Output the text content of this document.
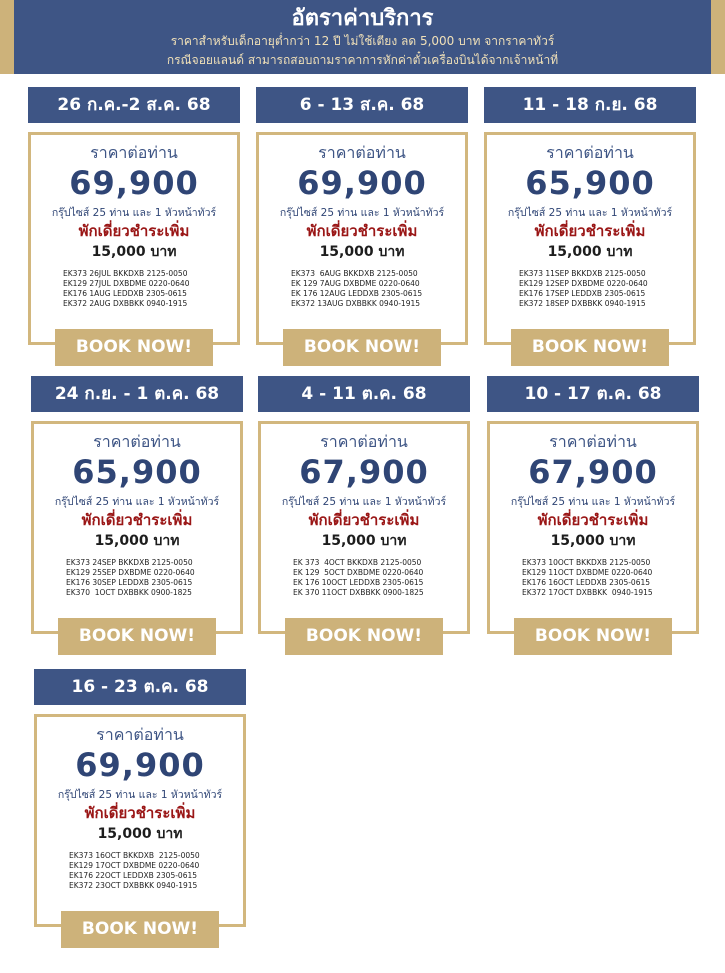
อัตราค่าบริการ
ราคาสำหรับเด็กอายุต่ำกว่า 12 ปี ไม่ใช้เตียง ลด 5,000 บาท จากราคาทัวร์
กรณีจอยแลนด์ สามารถสอบถามราคาการหักค่าตั๋วเครื่องบินได้จากเจ้าหน้าที่
26 ก.ค.-2 ส.ค. 68
ราคาต่อท่าน
69,900
กรุ๊ปไซส์ 25 ท่าน และ 1 หัวหน้าทัวร์
พักเดี่ยวชำระเพิ่ม
15,000 บาท
EK373 26JUL BKKDXB 2125-0050
EK129 27JUL DXBDME 0220-0640
EK176 1AUG LEDDXB 2305-0615
EK372 2AUG DXBBKK 0940-1915
BOOK NOW!
6 - 13 ส.ค. 68
ราคาต่อท่าน
69,900
กรุ๊ปไซส์ 25 ท่าน และ 1 หัวหน้าทัวร์
พักเดี่ยวชำระเพิ่ม
15,000 บาท
EK373  6AUG BKKDXB 2125-0050
EK 129 7AUG DXBDME 0220-0640
EK 176 12AUG LEDDXB 2305-0615
EK372 13AUG DXBBKK 0940-1915
BOOK NOW!
11 - 18 ก.ย. 68
ราคาต่อท่าน
65,900
กรุ๊ปไซส์ 25 ท่าน และ 1 หัวหน้าทัวร์
พักเดี่ยวชำระเพิ่ม
15,000 บาท
EK373 11SEP BKKDXB 2125-0050
EK129 12SEP DXBDME 0220-0640
EK176 17SEP LEDDXB 2305-0615
EK372 18SEP DXBBKK 0940-1915
BOOK NOW!
24 ก.ย. - 1 ต.ค. 68
ราคาต่อท่าน
65,900
กรุ๊ปไซส์ 25 ท่าน และ 1 หัวหน้าทัวร์
พักเดี่ยวชำระเพิ่ม
15,000 บาท
EK373 24SEP BKKDXB 2125-0050
EK129 25SEP DXBDME 0220-0640
EK176 30SEP LEDDXB 2305-0615
EK370  1OCT DXBBKK 0900-1825
BOOK NOW!
4 - 11 ต.ค. 68
ราคาต่อท่าน
67,900
กรุ๊ปไซส์ 25 ท่าน และ 1 หัวหน้าทัวร์
พักเดี่ยวชำระเพิ่ม
15,000 บาท
EK 373  4OCT BKKDXB 2125-0050
EK 129  5OCT DXBDME 0220-0640
EK 176 10OCT LEDDXB 2305-0615
EK 370 11OCT DXBBKK 0900-1825
BOOK NOW!
10 - 17 ต.ค. 68
ราคาต่อท่าน
67,900
กรุ๊ปไซส์ 25 ท่าน และ 1 หัวหน้าทัวร์
พักเดี่ยวชำระเพิ่ม
15,000 บาท
EK373 10OCT BKKDXB 2125-0050
EK129 11OCT DXBDME 0220-0640
EK176 16OCT LEDDXB 2305-0615
EK372 17OCT DXBBKK  0940-1915
BOOK NOW!
16 - 23 ต.ค. 68
ราคาต่อท่าน
69,900
กรุ๊ปไซส์ 25 ท่าน และ 1 หัวหน้าทัวร์
พักเดี่ยวชำระเพิ่ม
15,000 บาท
EK373 16OCT BKKDXB  2125-0050
EK129 17OCT DXBDME 0220-0640
EK176 22OCT LEDDXB 2305-0615
EK372 23OCT DXBBKK 0940-1915
BOOK NOW!
